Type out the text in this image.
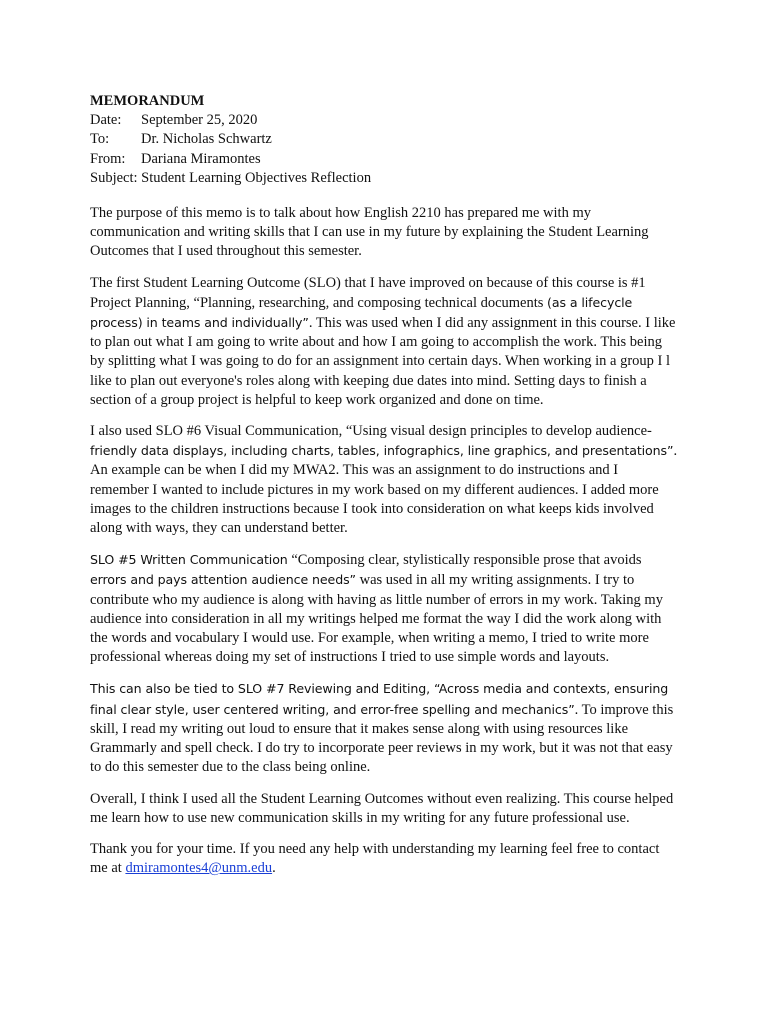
MEMORANDUM
Date: September 25, 2020
To: Dr. Nicholas Schwartz
From: Dariana Miramontes
Subject: Student Learning Objectives Reflection

The purpose of this memo is to talk about how English 2210 has prepared me with my communication and writing skills that I can use in my future by explaining the Student Learning Outcomes that I used throughout this semester.

The first Student Learning Outcome (SLO) that I have improved on because of this course is #1 Project Planning, “Planning, researching, and composing technical documents (as a lifecycle process) in teams and individually”. This was used when I did any assignment in this course. I like to plan out what I am going to write about and how I am going to accomplish the work. This being by splitting what I was going to do for an assignment into certain days. When working in a group I l like to plan out everyone's roles along with keeping due dates into mind. Setting days to finish a section of a group project is helpful to keep work organized and done on time.

I also used SLO #6 Visual Communication, “Using visual design principles to develop audience-friendly data displays, including charts, tables, infographics, line graphics, and presentations”. An example can be when I did my MWA2. This was an assignment to do instructions and I remember I wanted to include pictures in my work based on my different audiences. I added more images to the children instructions because I took into consideration on what keeps kids involved along with ways, they can understand better.

SLO #5 Written Communication “Composing clear, stylistically responsible prose that avoids errors and pays attention audience needs” was used in all my writing assignments. I try to contribute who my audience is along with having as little number of errors in my work. Taking my audience into consideration in all my writings helped me format the way I did the work along with the words and vocabulary I would use. For example, when writing a memo, I tried to write more professional whereas doing my set of instructions I tried to use simple words and layouts.

This can also be tied to SLO #7 Reviewing and Editing, “Across media and contexts, ensuring final clear style, user centered writing, and error-free spelling and mechanics”. To improve this skill, I read my writing out loud to ensure that it makes sense along with using resources like Grammarly and spell check. I do try to incorporate peer reviews in my work, but it was not that easy to do this semester due to the class being online.

Overall, I think I used all the Student Learning Outcomes without even realizing. This course helped me learn how to use new communication skills in my writing for any future professional use.

Thank you for your time. If you need any help with understanding my learning feel free to contact me at dmiramontes4@unm.edu.
